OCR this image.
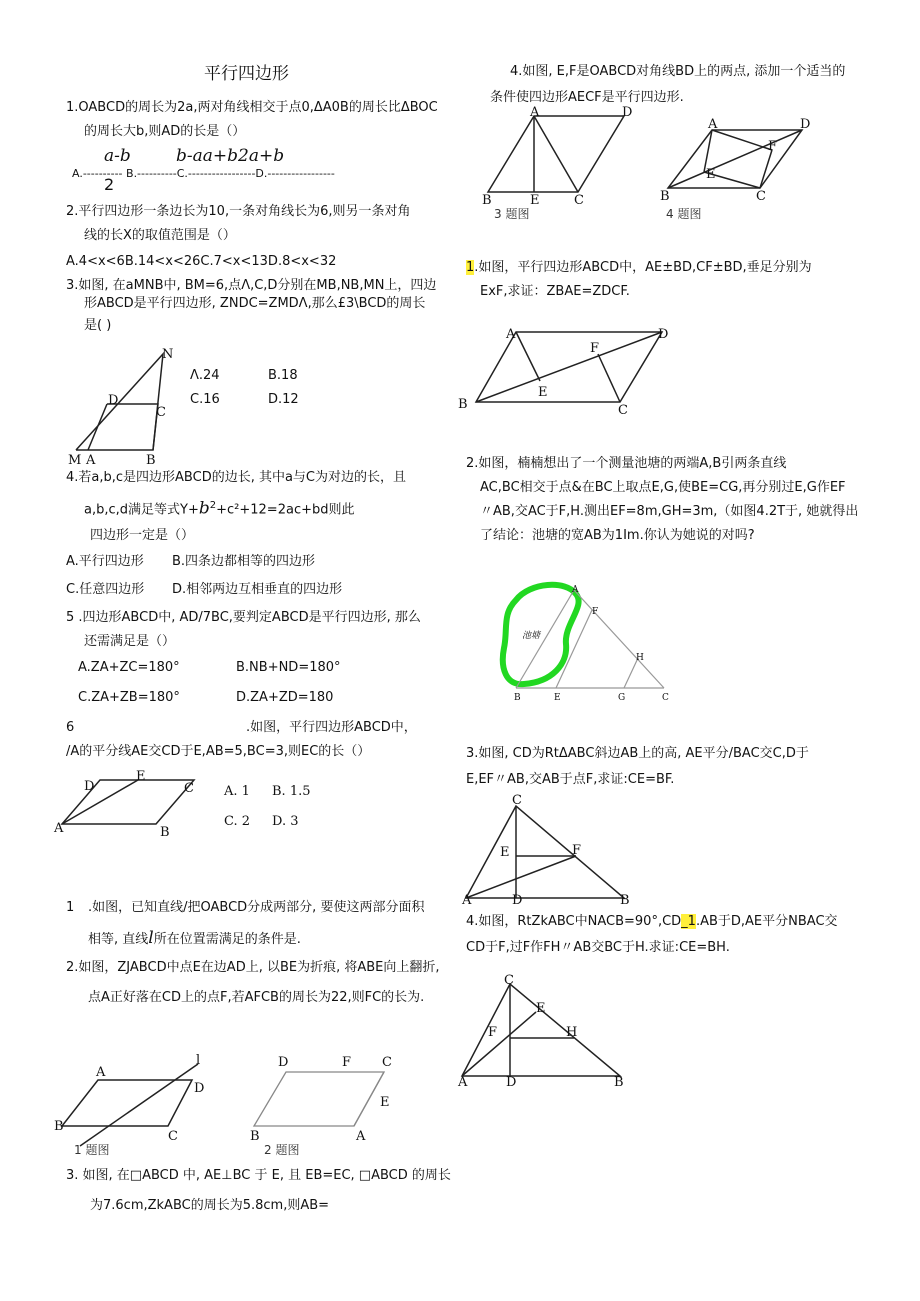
平行四边形
1.OABCD的周长为2a,两对角线相交于点0,ΔA0B的周长比ΔBOC
的周长大b,则AD的长是（）
a-b	b-aa+b2a+b
A.---------- B.----------C.-----------------D.-----------------
2
2.平行四边形一条边长为10,一条对角线长为6,则另一条对角
线的长X的取值范围是（）
A.4<x<6B.14<x<26C.7<x<13D.8<x<32
3.如图, 在aMNB中, BM=6,点Λ,C,D分别在MB,NB,MN上，四边
形ABCD是平行四边形, ZNDC=ZMDΛ,那么£3\BCD的周长
是( )
M A	B
N
D
C
Λ.24	B.18
C.16	D.12
4.若a,b,c是四边形ABCD的边长, 其中a与C为对边的长，且
a,b,c,d满足等式$Y+b^2+c^2+12=2ac+bd$则此
四边形一定是（）
A.平行四边形 B.四条边都相等的四边形
C.任意四边形 D.相邻两边互相垂直的四边形
5 .四边形ABCD中, AD/7BC,要判定ABCD是平行四边形, 那么
还需满足是（）
A.ZA+ZC=180°	B.NB+ND=180°
C.ZA+ZB=180°	D.ZA+ZD=180
6	.如图，平行四边形ABCD中，
/A的平分线AE交CD于E,AB=5,BC=3,则EC的长（）
A	B
C
D
E
A. 1 B. 1.5
C. 2 D. 3
1 .如图，已知直线/把OABCD分成两部分, 要使这两部分面积
相等, 直线l所在位置需满足的条件是.
2.如图，ZJABCD中点E在边AD上, 以BE为折痕, 将ABE向上翻折,
点A正好落在CD上的点F,若AFCB的周长为22,则FC的长为.
A
B
C
D
l
1 题图
D	F C
E
B	A
2 题图
3. 如图, 在□ABCD 中, AE⊥BC 于 E, 且 EB=EC, □ABCD 的周长
为7.6cm,ZkABC的周长为5.8cm,则AB=
4.如图, E,F是OABCD对角线BD上的两点, 添加一个适当的
条件使四边形AECF是平行四边形.
A	D
B	E	C
3 题图
A	D
F
E
B	C
4 题图
1.如图，平行四边形ABCD中，AE±BD,CF±BD,垂足分别为
ExF,求证：ZBAE=ZDCF.
A	D
F
E
B	C
2.如图，楠楠想出了一个测量池塘的两端A,B引两条直线
AC,BC相交于点&在BC上取点E,G,使BE=CG,再分别过E,G作EF
〃AB,交AC于F,H.测出EF=8m,GH=3m,（如图4.2T于, 她就得出
了结论：池塘的宽AB为1Im.你认为她说的对吗?
池塘
A
F
H
B	E	G	C
3.如图, CD为RtΔABC斜边AB上的高, AE平分/BAC交C,D于
E,EF〃AB,交AB于点F,求证:CE=BF.
C
E	F
A	D	B
4.如图，RtZkABC中NACB=90°,CD_1.AB于D,AE平分NBAC交
CD于F,过F作FH〃AB交BC于H.求证:CE=BH.
C
E
F	H
A	D	B
